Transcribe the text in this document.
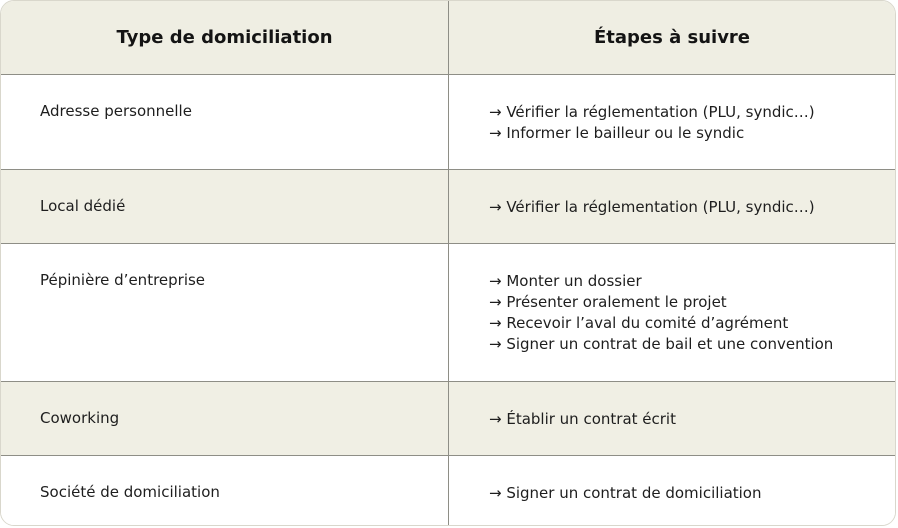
Type de domiciliation	Étapes à suivre
Adresse personnelle	→ Vérifier la réglementation (PLU, syndic…)
→ Informer le bailleur ou le syndic
Local dédié	→ Vérifier la réglementation (PLU, syndic…)
Pépinière d’entreprise	→ Monter un dossier
→ Présenter oralement le projet
→ Recevoir l’aval du comité d’agrément
→ Signer un contrat de bail et une convention
Coworking	→ Établir un contrat écrit
Société de domiciliation	→ Signer un contrat de domiciliation
